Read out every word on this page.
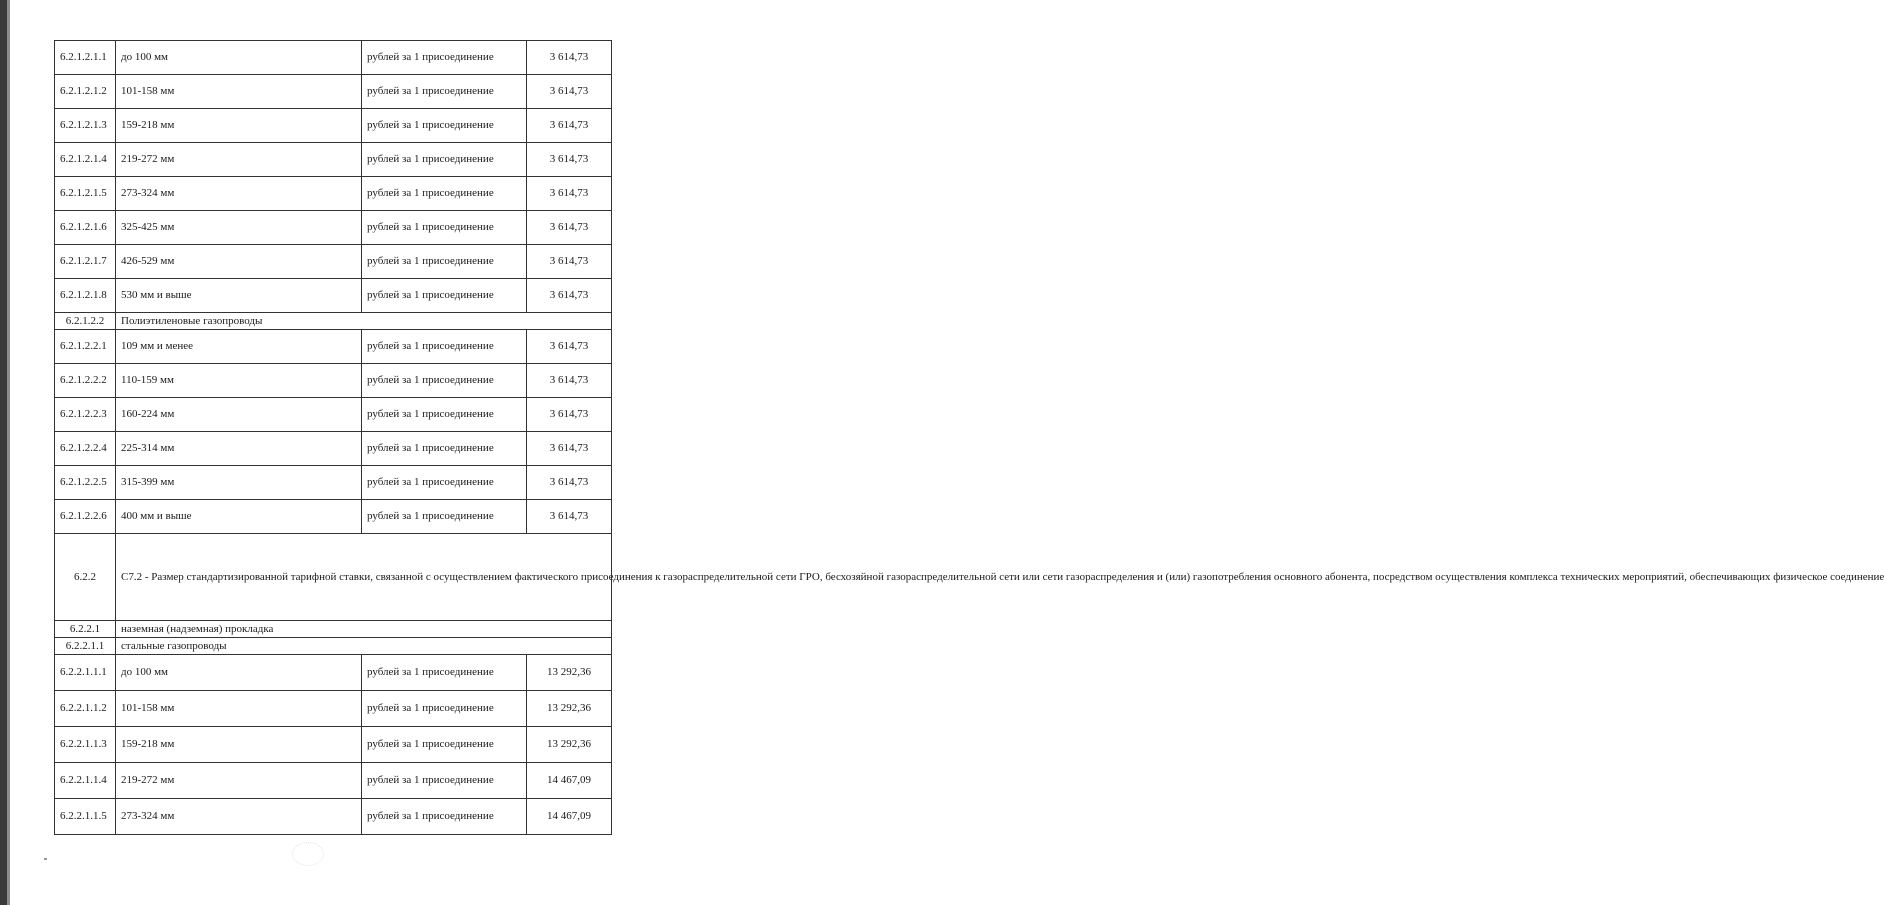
6.2.1.2.1.1	до 100 мм	рублей за 1 присоединение	3 614,73
6.2.1.2.1.2	101-158 мм	рублей за 1 присоединение	3 614,73
6.2.1.2.1.3	159-218 мм	рублей за 1 присоединение	3 614,73
6.2.1.2.1.4	219-272 мм	рублей за 1 присоединение	3 614,73
6.2.1.2.1.5	273-324 мм	рублей за 1 присоединение	3 614,73
6.2.1.2.1.6	325-425 мм	рублей за 1 присоединение	3 614,73
6.2.1.2.1.7	426-529 мм	рублей за 1 присоединение	3 614,73
6.2.1.2.1.8	530 мм и выше	рублей за 1 присоединение	3 614,73
6.2.1.2.2	Полиэтиленовые газопроводы		
6.2.1.2.2.1	109 мм и менее	рублей за 1 присоединение	3 614,73
6.2.1.2.2.2	110-159 мм	рублей за 1 присоединение	3 614,73
6.2.1.2.2.3	160-224 мм	рублей за 1 присоединение	3 614,73
6.2.1.2.2.4	225-314 мм	рублей за 1 присоединение	3 614,73
6.2.1.2.2.5	315-399 мм	рублей за 1 присоединение	3 614,73
6.2.1.2.2.6	400 мм и выше	рублей за 1 присоединение	3 614,73
6.2.2	С7.2 - Размер стандартизированной тарифной ставки, связанной с осуществлением фактического присоединения к газораспределительной сети ГРО, бесхозяйной газораспределительной сети или сети газораспределения и (или) газопотребления основного абонента, посредством осуществления комплекса технических мероприятий, обеспечивающих физическое соединение		
6.2.2.1	наземная (надземная) прокладка		
6.2.2.1.1	стальные газопроводы		
6.2.2.1.1.1	до 100 мм	рублей за 1 присоединение	13 292,36
6.2.2.1.1.2	101-158 мм	рублей за 1 присоединение	13 292,36
6.2.2.1.1.3	159-218 мм	рублей за 1 присоединение	13 292,36
6.2.2.1.1.4	219-272 мм	рублей за 1 присоединение	14 467,09
6.2.2.1.1.5	273-324 мм	рублей за 1 присоединение	14 467,09
